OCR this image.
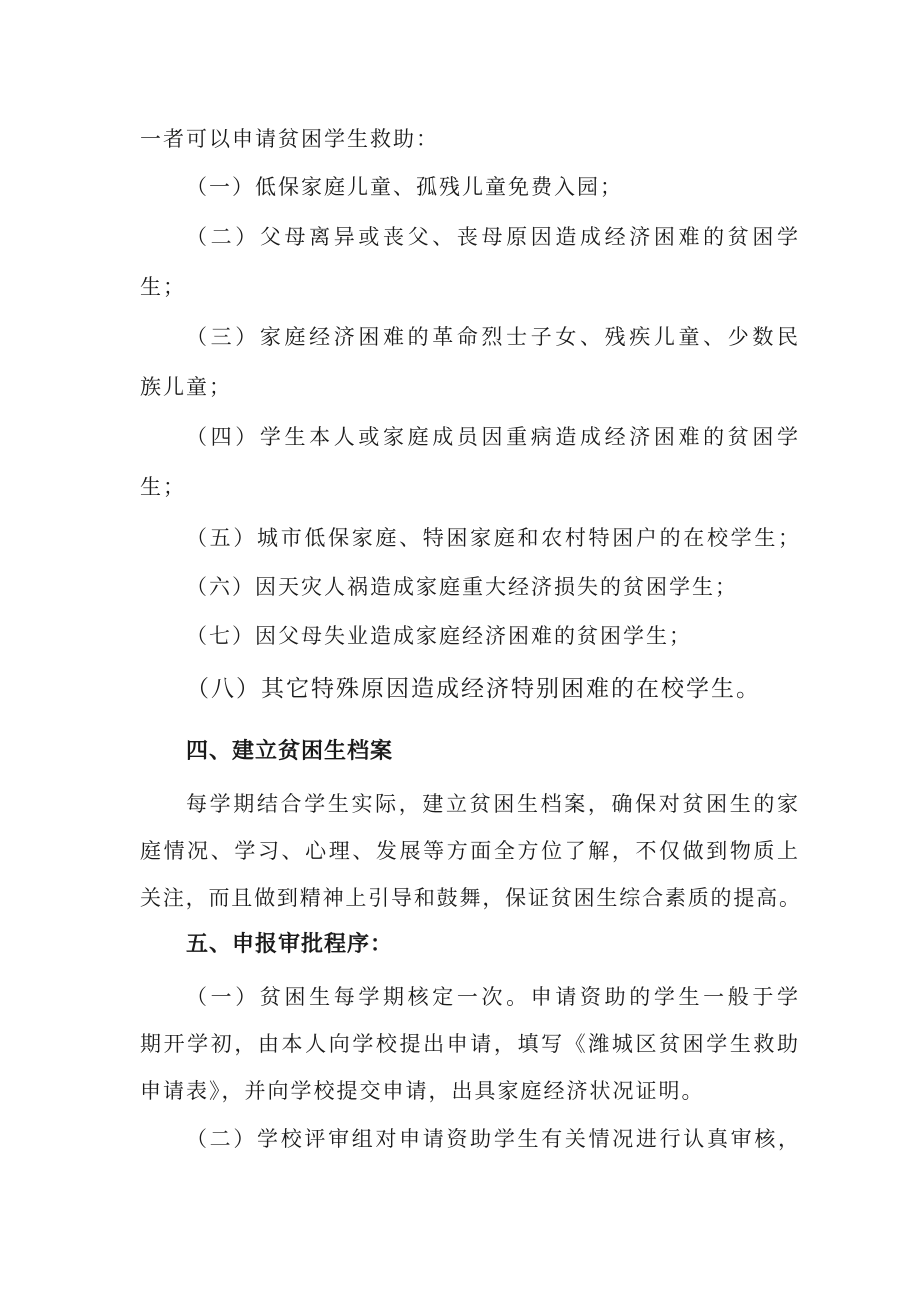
一者可以申请贫困学生救助：
（一）低保家庭儿童、孤残儿童免费入园；
（二）父母离异或丧父、丧母原因造成经济困难的贫困学
生；
（三）家庭经济困难的革命烈士子女、残疾儿童、少数民
族儿童；
（四）学生本人或家庭成员因重病造成经济困难的贫困学
生；
（五）城市低保家庭、特困家庭和农村特困户的在校学生；
（六）因天灾人祸造成家庭重大经济损失的贫困学生；
（七）因父母失业造成家庭经济困难的贫困学生；
（八）其它特殊原因造成经济特别困难的在校学生。
四、建立贫困生档案
每学期结合学生实际，建立贫困生档案，确保对贫困生的家
庭情况、学习、心理、发展等方面全方位了解，不仅做到物质上
关注，而且做到精神上引导和鼓舞，保证贫困生综合素质的提高。
五、申报审批程序：
（一）贫困生每学期核定一次。申请资助的学生一般于学
期开学初，由本人向学校提出申请，填写《潍城区贫困学生救助
申请表》，并向学校提交申请，出具家庭经济状况证明。
（二）学校评审组对申请资助学生有关情况进行认真审核，
